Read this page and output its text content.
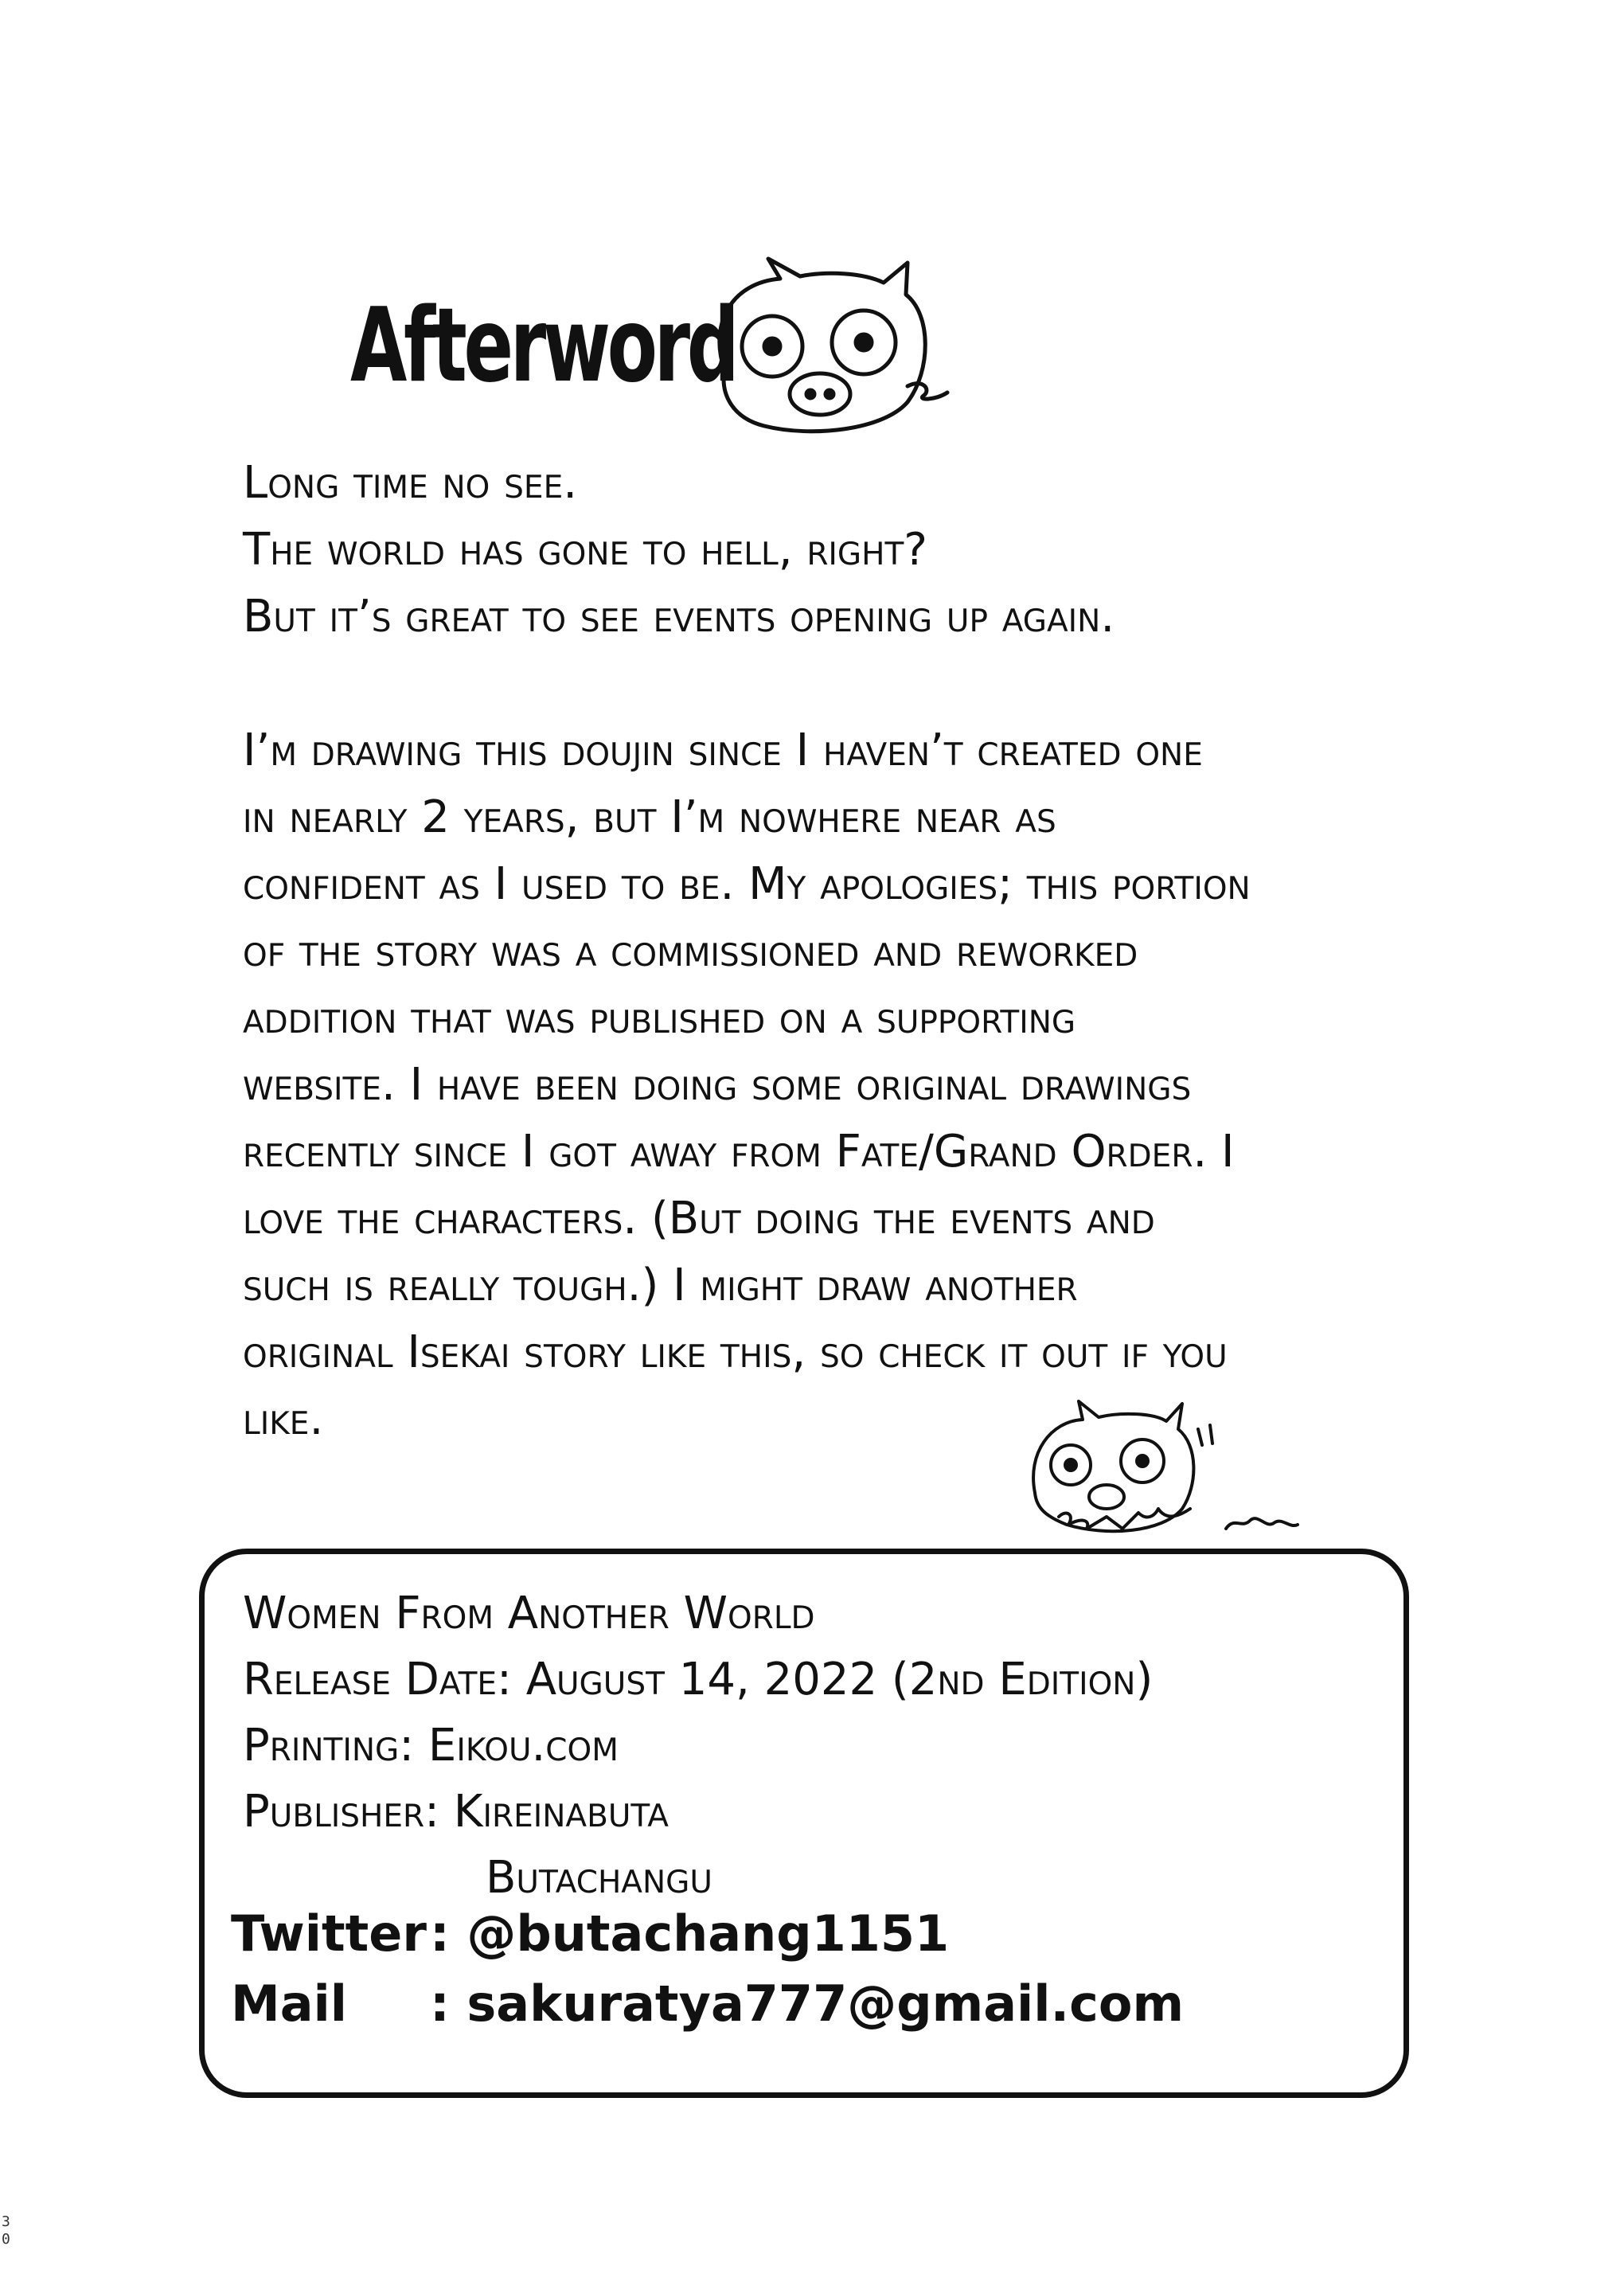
Afterword
Long time no see.
The world has gone to hell, right?
But it’s great to see events opening up again.
I’m drawing this doujin since I haven’t created one
in nearly 2 years, but I’m nowhere near as
confident as I used to be. My apologies; this portion
of the story was a commissioned and reworked
addition that was published on a supporting
website. I have been doing some original drawings
recently since I got away from Fate/Grand Order. I
love the characters. (But doing the events and
such is really tough.) I might draw another
original Isekai story like this, so check it out if you
like.
Women From Another World
Release Date: August 14, 2022 (2nd Edition)
Printing: Eikou.com
Publisher: Kireinabuta
Butachangu
Twitter: @butachang1151
Mail : sakuratya777@gmail.com
30
